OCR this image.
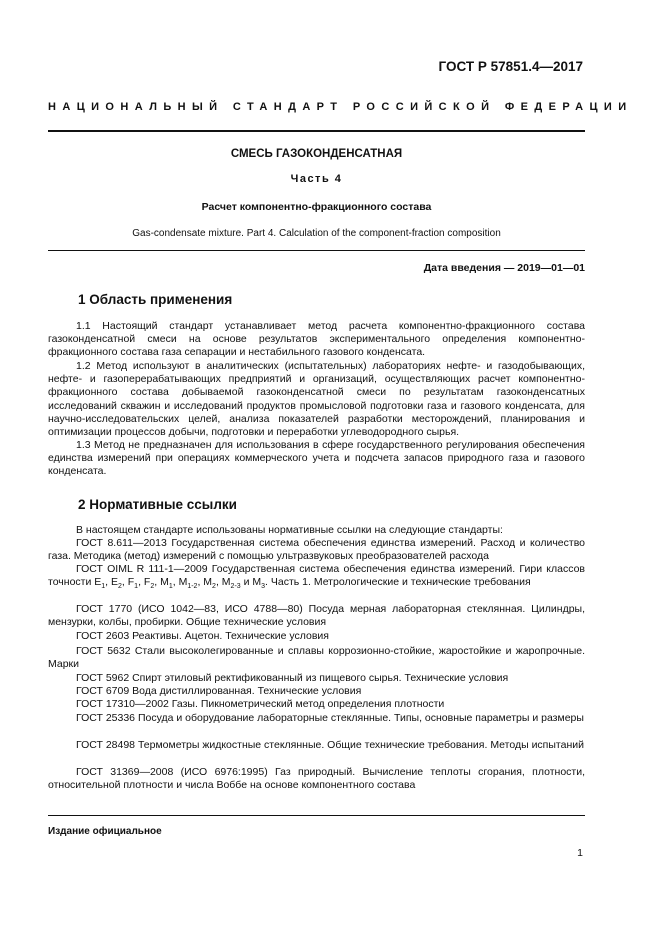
ГОСТ Р 57851.4—2017
НАЦИОНАЛЬНЫЙ СТАНДАРТ РОССИЙСКОЙ ФЕДЕРАЦИИ
СМЕСЬ ГАЗОКОНДЕНСАТНАЯ
Часть 4
Расчет компонентно-фракционного состава
Gas-condensate mixture. Part 4. Calculation of the component-fraction composition
Дата введения — 2019—01—01
1 Область применения
1.1 Настоящий стандарт устанавливает метод расчета компонентно-фракционного состава газоконденсатной смеси на основе результатов экспериментального определения компонентно-фракционного состава газа сепарации и нестабильного газового конденсата.
1.2 Метод используют в аналитических (испытательных) лабораториях нефте- и газодобывающих, нефте- и газоперерабатывающих предприятий и организаций, осуществляющих расчет компонентно-фракционного состава добываемой газоконденсатной смеси по результатам газоконденсатных исследований скважин и исследований продуктов промысловой подготовки газа и газового конденсата, для научно-исследовательских целей, анализа показателей разработки месторождений, планирования и оптимизации процессов добычи, подготовки и переработки углеводородного сырья.
1.3 Метод не предназначен для использования в сфере государственного регулирования обеспечения единства измерений при операциях коммерческого учета и подсчета запасов природного газа и газового конденсата.
2 Нормативные ссылки
В настоящем стандарте использованы нормативные ссылки на следующие стандарты:
ГОСТ 8.611—2013 Государственная система обеспечения единства измерений. Расход и количество газа. Методика (метод) измерений с помощью ультразвуковых преобразователей расхода
ГОСТ OIML R 111-1—2009 Государственная система обеспечения единства измерений. Гири классов точности $E_1$, $E_2$, $F_1$, $F_2$, $M_1$, $M_{1-2}$, $M_2$, $M_{2-3}$ и $M_3$. Часть 1. Метрологические и технические требования
ГОСТ 1770 (ИСО 1042—83, ИСО 4788—80) Посуда мерная лабораторная стеклянная. Цилиндры, мензурки, колбы, пробирки. Общие технические условия
ГОСТ 2603 Реактивы. Ацетон. Технические условия
ГОСТ 5632 Стали высоколегированные и сплавы коррозионно-стойкие, жаростойкие и жаропрочные. Марки
ГОСТ 5962 Спирт этиловый ректификованный из пищевого сырья. Технические условия
ГОСТ 6709 Вода дистиллированная. Технические условия
ГОСТ 17310—2002 Газы. Пикнометрический метод определения плотности
ГОСТ 25336 Посуда и оборудование лабораторные стеклянные. Типы, основные параметры и размеры
ГОСТ 28498 Термометры жидкостные стеклянные. Общие технические требования. Методы испытаний
ГОСТ 31369—2008 (ИСО 6976:1995) Газ природный. Вычисление теплоты сгорания, плотности, относительной плотности и числа Воббе на основе компонентного состава
Издание официальное
1
